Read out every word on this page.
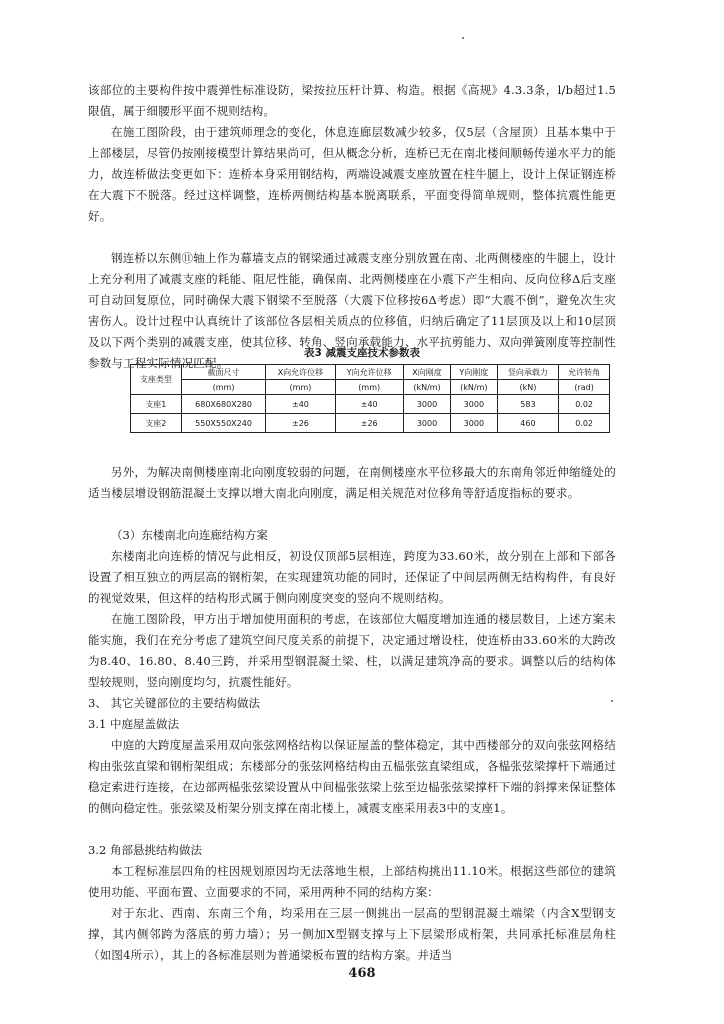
该部位的主要构件按中震弹性标准设防，梁按拉压杆计算、构造。根据《高规》4.3.3条，l/b超过1.5限值，属于细腰形平面不规则结构。

在施工图阶段，由于建筑师理念的变化，休息连廊层数减少较多，仅5层（含屋顶）且基本集中于上部楼层，尽管仍按刚接模型计算结果尚可，但从概念分析，连桥已无在南北楼间顺畅传递水平力的能力，故连桥做法变更如下：连桥本身采用钢结构，两端设减震支座放置在柱牛腿上，设计上保证钢连桥在大震下不脱落。经过这样调整，连桥两侧结构基本脱离联系，平面变得简单规则，整体抗震性能更好。

钢连桥以东侧⑪轴上作为幕墙支点的钢梁通过减震支座分别放置在南、北两侧楼座的牛腿上，设计上充分利用了减震支座的耗能、阻尼性能，确保南、北两侧楼座在小震下产生相向、反向位移Δ后支座可自动回复原位，同时确保大震下钢梁不至脱落（大震下位移按6Δ考虑）即“大震不倒”，避免次生灾害伤人。设计过程中认真统计了该部位各层相关质点的位移值，归纳后确定了11层顶及以上和10层顶及以下两个类别的减震支座，使其位移、转角、竖向承载能力、水平抗剪能力、双向弹簧刚度等控制性参数与工程实际情况匹配。

表3 减震支座技术参数表
支座类型	截面尺寸	X向允许位移	Y向允许位移	X向刚度	Y向刚度	竖向承载力	允许转角
	(mm)	(mm)	(mm)	(kN/m)	(kN/m)	(kN)	(rad)
支座1	680X680X280	±40	±40	3000	3000	583	0.02
支座2	550X550X240	±26	±26	3000	3000	460	0.02

另外，为解决南侧楼座南北向刚度较弱的问题，在南侧楼座水平位移最大的东南角邻近伸缩缝处的适当楼层增设钢筋混凝土支撑以增大南北向刚度，满足相关规范对位移角等舒适度指标的要求。

（3）东楼南北向连廊结构方案

东楼南北向连桥的情况与此相反，初设仅顶部5层相连，跨度为33.60米，故分别在上部和下部各设置了相互独立的两层高的钢桁架，在实现建筑功能的同时，还保证了中间层两侧无结构构件，有良好的视觉效果，但这样的结构形式属于侧向刚度突变的竖向不规则结构。

在施工图阶段，甲方出于增加使用面积的考虑，在该部位大幅度增加连通的楼层数目，上述方案未能实施，我们在充分考虑了建筑空间尺度关系的前提下，决定通过增设柱，使连桥由33.60米的大跨改为8.40、16.80、8.40三跨，并采用型钢混凝土梁、柱，以满足建筑净高的要求。调整以后的结构体型较规则，竖向刚度均匀，抗震性能好。

3、 其它关键部位的主要结构做法

3.1 中庭屋盖做法

中庭的大跨度屋盖采用双向张弦网格结构以保证屋盖的整体稳定，其中西楼部分的双向张弦网格结构由张弦直梁和钢桁架组成；东楼部分的张弦网格结构由五榀张弦直梁组成，各榀张弦梁撑杆下端通过稳定索进行连接，在边部两榀张弦梁设置从中间榀张弦梁上弦至边榀张弦梁撑杆下端的斜撑来保证整体的侧向稳定性。张弦梁及桁架分别支撑在南北楼上，减震支座采用表3中的支座1。

3.2 角部悬挑结构做法

本工程标准层四角的柱因规划原因均无法落地生根，上部结构挑出11.10米。根据这些部位的建筑使用功能、平面布置、立面要求的不同，采用两种不同的结构方案：

对于东北、西南、东南三个角，均采用在三层一侧挑出一层高的型钢混凝土端梁（内含X型钢支撑，其内侧邻跨为落底的剪力墙）；另一侧加X型钢支撑与上下层梁形成桁架，共同承托标准层角柱（如图4所示），其上的各标准层则为普通梁板布置的结构方案。并适当

468
